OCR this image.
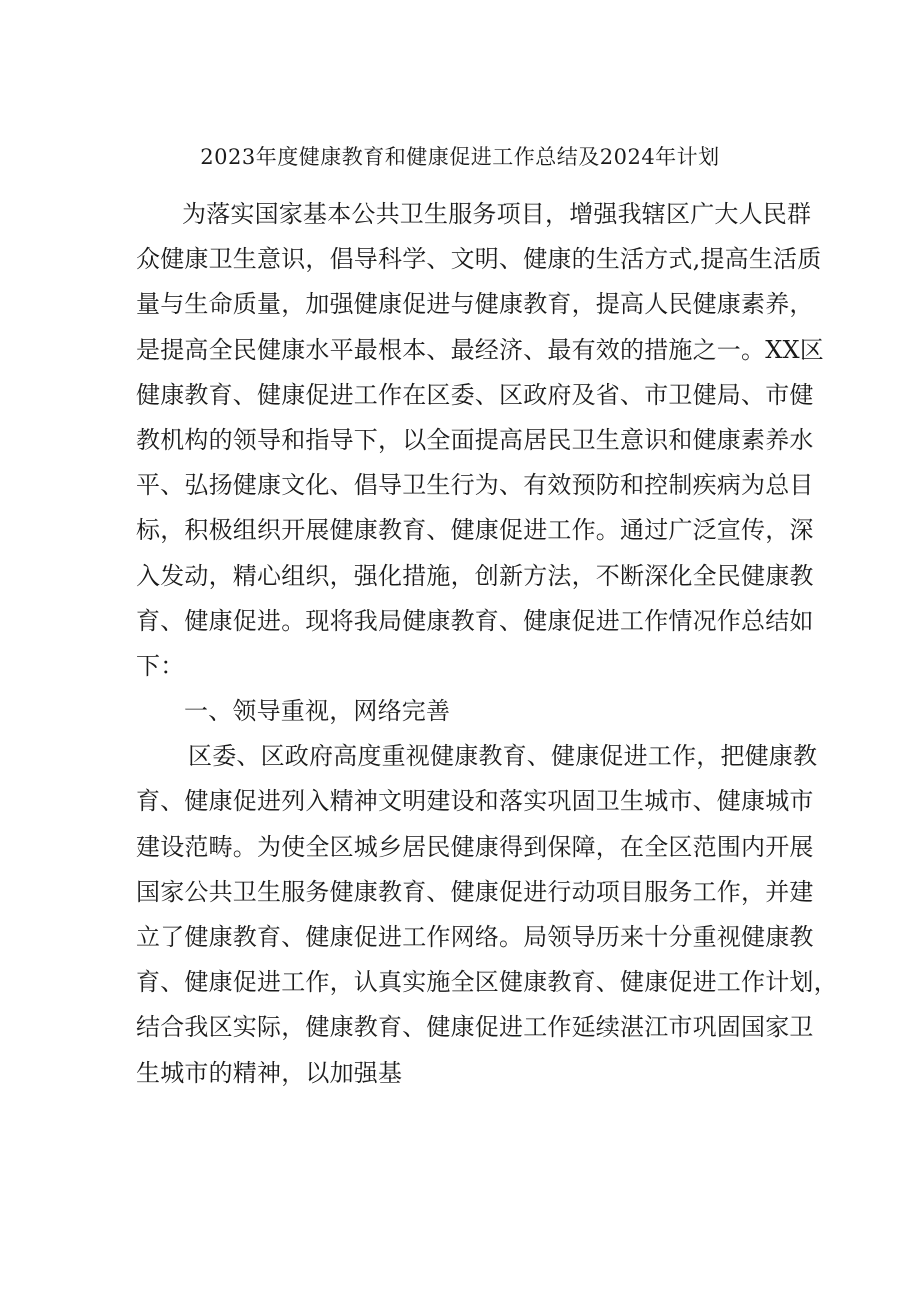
2023年度健康教育和健康促进工作总结及2024年计划
为落实国家基本公共卫生服务项目，增强我辖区广大人民群
众健康卫生意识，倡导科学、文明、健康的生活方式,提高生活质
量与生命质量，加强健康促进与健康教育，提高人民健康素养，
是提高全民健康水平最根本、最经济、最有效的措施之一。XX区
健康教育、健康促进工作在区委、区政府及省、市卫健局、市健
教机构的领导和指导下，以全面提高居民卫生意识和健康素养水
平、弘扬健康文化、倡导卫生行为、有效预防和控制疾病为总目
标，积极组织开展健康教育、健康促进工作。通过广泛宣传，深
入发动，精心组织，强化措施，创新方法，不断深化全民健康教
育、健康促进。现将我局健康教育、健康促进工作情况作总结如
下：
一、领导重视，网络完善
区委、区政府高度重视健康教育、健康促进工作，把健康教
育、健康促进列入精神文明建设和落实巩固卫生城市、健康城市
建设范畴。为使全区城乡居民健康得到保障，在全区范围内开展
国家公共卫生服务健康教育、健康促进行动项目服务工作，并建
立了健康教育、健康促进工作网络。局领导历来十分重视健康教
育、健康促进工作，认真实施全区健康教育、健康促进工作计划，
结合我区实际，健康教育、健康促进工作延续湛江市巩固国家卫
生城市的精神，以加强基
